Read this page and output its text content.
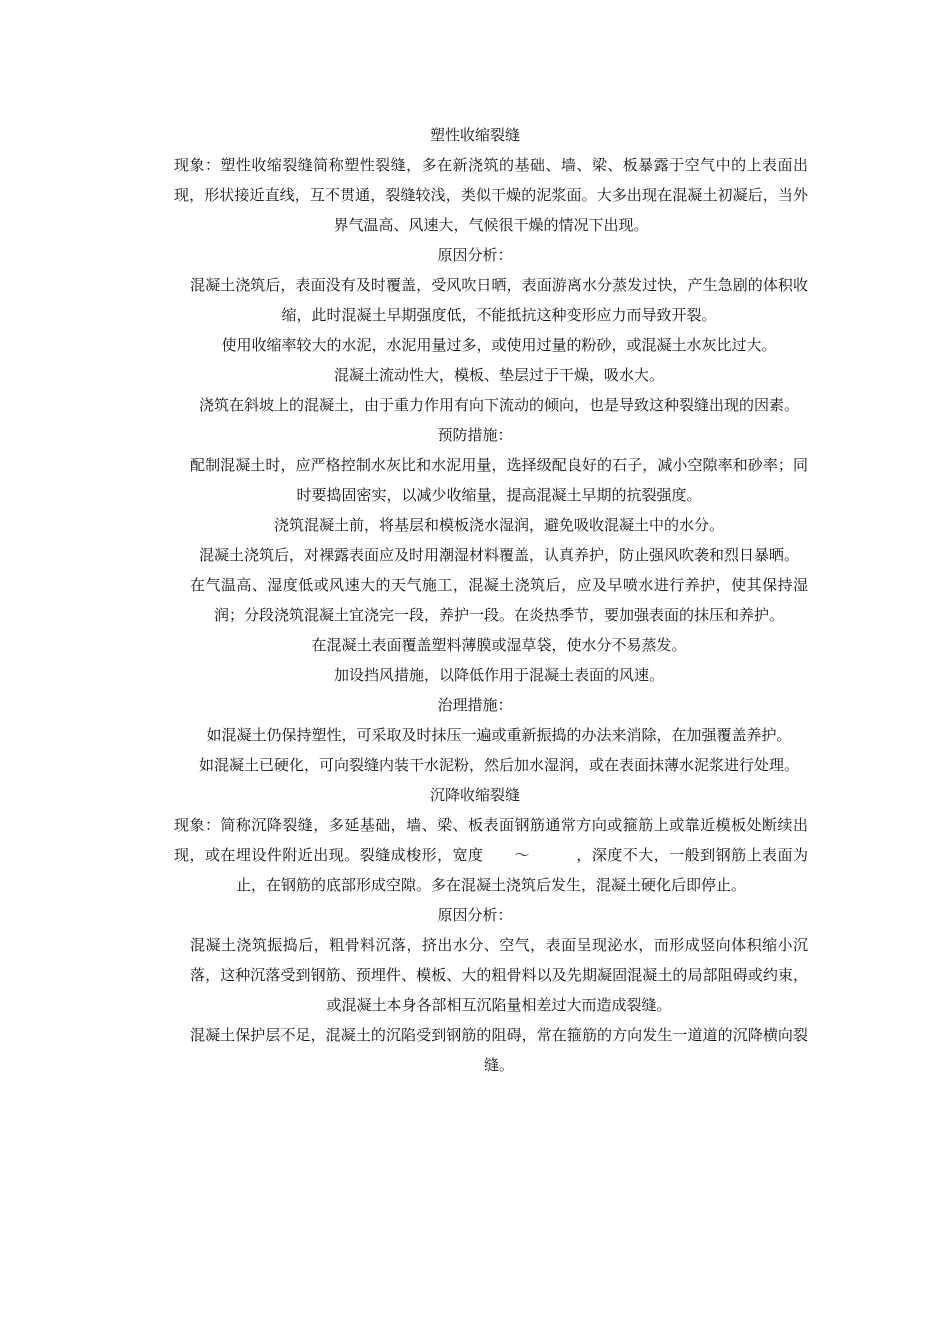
塑性收缩裂缝

现象：塑性收缩裂缝简称塑性裂缝，多在新浇筑的基础、墙、梁、板暴露于空气中的上表面出现，形状接近直线，互不贯通，裂缝较浅，类似干燥的泥浆面。大多出现在混凝土初凝后，当外界气温高、风速大，气候很干燥的情况下出现。

原因分析：

混凝土浇筑后，表面没有及时覆盖，受风吹日晒，表面游离水分蒸发过快，产生急剧的体积收缩，此时混凝土早期强度低，不能抵抗这种变形应力而导致开裂。

使用收缩率较大的水泥，水泥用量过多，或使用过量的粉砂，或混凝土水灰比过大。

混凝土流动性大，模板、垫层过于干燥，吸水大。

浇筑在斜坡上的混凝土，由于重力作用有向下流动的倾向，也是导致这种裂缝出现的因素。

预防措施：

配制混凝土时，应严格控制水灰比和水泥用量，选择级配良好的石子，减小空隙率和砂率；同时要捣固密实，以减少收缩量，提高混凝土早期的抗裂强度。

浇筑混凝土前，将基层和模板浇水湿润，避免吸收混凝土中的水分。

混凝土浇筑后，对裸露表面应及时用潮湿材料覆盖，认真养护，防止强风吹袭和烈日暴晒。

在气温高、湿度低或风速大的天气施工，混凝土浇筑后，应及早喷水进行养护，使其保持湿润；分段浇筑混凝土宜浇完一段，养护一段。在炎热季节，要加强表面的抹压和养护。

在混凝土表面覆盖塑料薄膜或湿草袋，使水分不易蒸发。

加设挡风措施，以降低作用于混凝土表面的风速。

治理措施：

如混凝土仍保持塑性，可采取及时抹压一遍或重新振捣的办法来消除，在加强覆盖养护。

如混凝土已硬化，可向裂缝内装干水泥粉，然后加水湿润，或在表面抹薄水泥浆进行处理。

沉降收缩裂缝

现象：简称沉降裂缝，多延基础，墙、梁、板表面钢筋通常方向或箍筋上或靠近模板处断续出现，或在埋设件附近出现。裂缝成梭形，宽度　　～　　　，深度不大，一般到钢筋上表面为止，在钢筋的底部形成空隙。多在混凝土浇筑后发生，混凝土硬化后即停止。

原因分析：

混凝土浇筑振捣后，粗骨料沉落，挤出水分、空气，表面呈现泌水，而形成竖向体积缩小沉落，这种沉落受到钢筋、预埋件、模板、大的粗骨料以及先期凝固混凝土的局部阻碍或约束，或混凝土本身各部相互沉陷量相差过大而造成裂缝。

混凝土保护层不足，混凝土的沉陷受到钢筋的阻碍，常在箍筋的方向发生一道道的沉降横向裂缝。
